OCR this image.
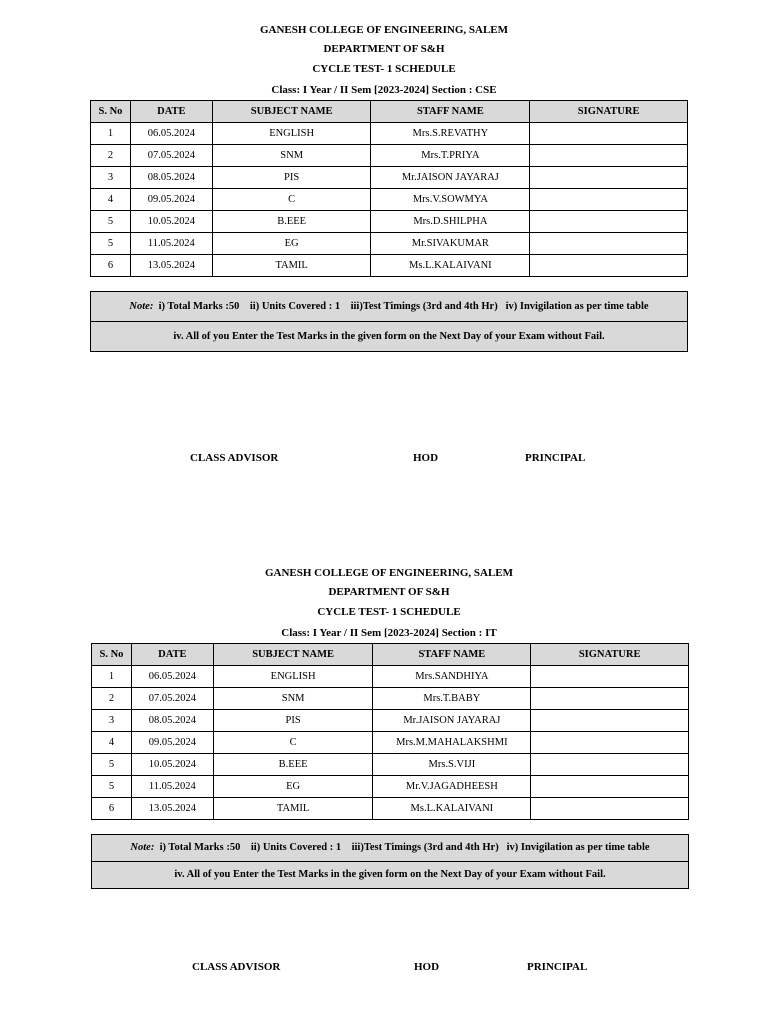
GANESH COLLEGE OF ENGINEERING, SALEM
DEPARTMENT OF S&H
CYCLE TEST- 1 SCHEDULE
Class: I Year / II Sem [2023-2024] Section : CSE
S. No	DATE	SUBJECT NAME	STAFF NAME	SIGNATURE
1	06.05.2024	ENGLISH	Mrs.S.REVATHY	
2	07.05.2024	SNM	Mrs.T.PRIYA	
3	08.05.2024	PIS	Mr.JAISON JAYARAJ	
4	09.05.2024	C	Mrs.V.SOWMYA	
5	10.05.2024	B.EEE	Mrs.D.SHILPHA	
5	11.05.2024	EG	Mr.SIVAKUMAR	
6	13.05.2024	TAMIL	Ms.L.KALAIVANI	
Note: i) Total Marks :50    ii) Units Covered : 1    iii)Test Timings (3rd and 4th Hr)   iv) Invigilation as per time table
iv. All of you Enter the Test Marks in the given form on the Next Day of your Exam without Fail.
CLASS ADVISOR	HOD	PRINCIPAL
GANESH COLLEGE OF ENGINEERING, SALEM
DEPARTMENT OF S&H
CYCLE TEST- 1 SCHEDULE
Class: I Year / II Sem [2023-2024] Section : IT
S. No	DATE	SUBJECT NAME	STAFF NAME	SIGNATURE
1	06.05.2024	ENGLISH	Mrs.SANDHIYA	
2	07.05.2024	SNM	Mrs.T.BABY	
3	08.05.2024	PIS	Mr.JAISON JAYARAJ	
4	09.05.2024	C	Mrs.M.MAHALAKSHMI	
5	10.05.2024	B.EEE	Mrs.S.VIJI	
5	11.05.2024	EG	Mr.V.JAGADHEESH	
6	13.05.2024	TAMIL	Ms.L.KALAIVANI	
Note: i) Total Marks :50    ii) Units Covered : 1    iii)Test Timings (3rd and 4th Hr)   iv) Invigilation as per time table
iv. All of you Enter the Test Marks in the given form on the Next Day of your Exam without Fail.
CLASS ADVISOR	HOD	PRINCIPAL
